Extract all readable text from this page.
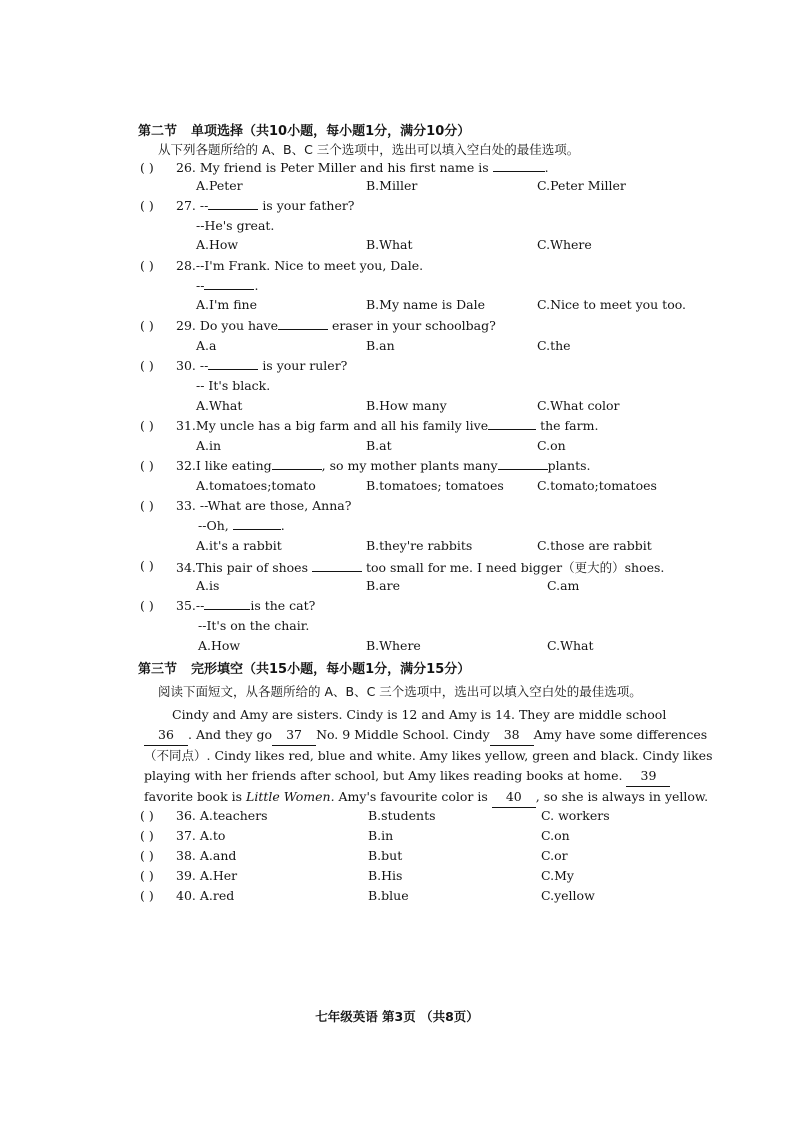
第二节 单项选择（共10小题，每小题1分，满分10分）
从下列各题所给的 A、B、C 三个选项中，选出可以填入空白处的最佳选项。
( ) 26. My friend is Peter Miller and his first name is	.
A.Peter	B.Miller	C.Peter Miller
( ) 27. --	is your father?
--He's great.
A.How	B.What	C.Where
( ) 28.--I'm Frank. Nice to meet you, Dale.
--	.
A.I'm fine	B.My name is Dale	C.Nice to meet you too.
( ) 29. Do you have	eraser in your schoolbag?
A.a	B.an	C.the
( ) 30. --	is your ruler?
-- It's black.
A.What	B.How many	C.What color
( ) 31.My uncle has a big farm and all his family live	the farm.
A.in	B.at	C.on
( ) 32.I like eating	, so my mother plants many	plants.
A.tomatoes;tomato	B.tomatoes; tomatoes	C.tomato;tomatoes
( ) 33. --What are those, Anna?
--Oh,	.
A.it's a rabbit	B.they're rabbits	C.those are rabbit
( ) 34.This pair of shoes	too small for me. I need bigger（更大的）shoes.
A.is	B.are	C.am
( ) 35.--	is the cat?
--It's on the chair.
A.How	B.Where	C.What
第三节 完形填空（共15小题，每小题1分，满分15分）
阅读下面短文，从各题所给的 A、B、C 三个选项中，选出可以填入空白处的最佳选项。

Cindy and Amy are sisters. Cindy is 12 and Amy is 14. They are middle school 36 . And they go 37 No. 9 Middle School. Cindy 38 Amy have some differences（不同点）. Cindy likes red, blue and white. Amy likes yellow, green and black. Cindy likes playing with her friends after school, but Amy likes reading books at home. 39favorite book is Little Women. Amy's favourite color is 40 , so she is always in yellow.

( ) 36. A.teachers	B.students	C. workers
( ) 37. A.to	B.in	C.on
( ) 38. A.and	B.but	C.or
( ) 39. A.Her	B.His	C.My
( ) 40. A.red	B.blue	C.yellow
七年级英语 第3页 （共8页）
